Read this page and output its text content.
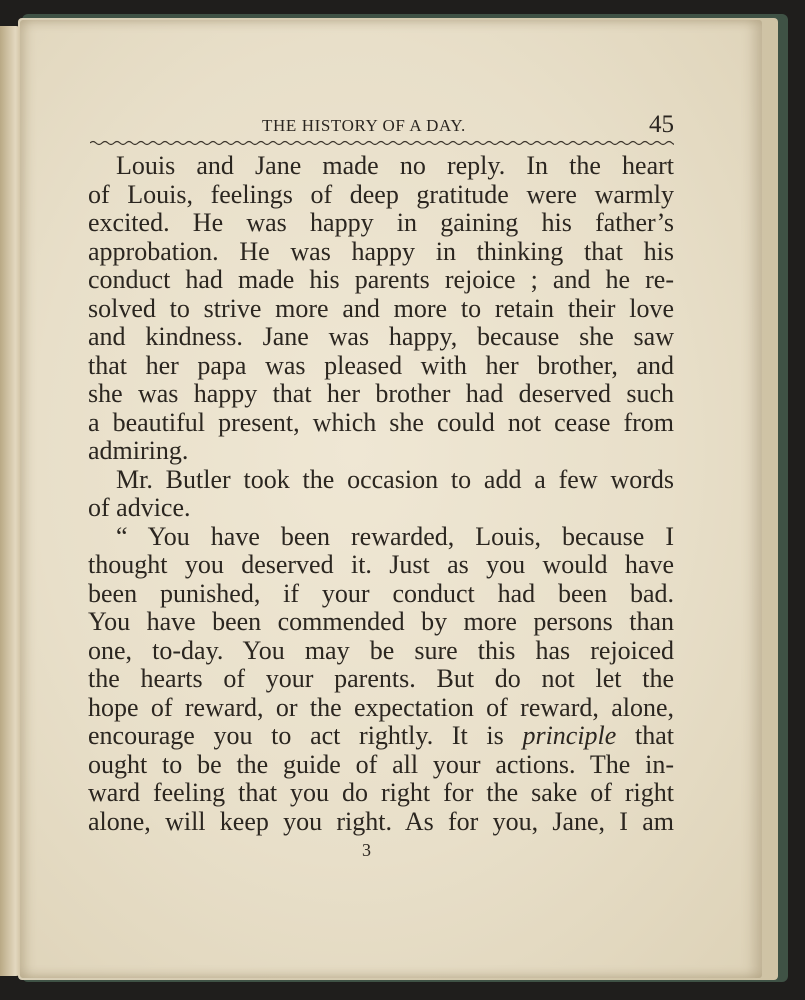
THE HISTORY OF A DAY.	45
Louis and Jane made no reply. In the heart
of Louis, feelings of deep gratitude were warmly
excited. He was happy in gaining his father’s
approbation. He was happy in thinking that his
conduct had made his parents rejoice ; and he re-
solved to strive more and more to retain their love
and kindness. Jane was happy, because she saw
that her papa was pleased with her brother, and
she was happy that her brother had deserved such
a beautiful present, which she could not cease from
admiring.
Mr. Butler took the occasion to add a few words
of advice.
“ You have been rewarded, Louis, because I
thought you deserved it. Just as you would have
been punished, if your conduct had been bad.
You have been commended by more persons than
one, to-day. You may be sure this has rejoiced
the hearts of your parents. But do not let the
hope of reward, or the expectation of reward, alone,
encourage you to act rightly. It is principle that
ought to be the guide of all your actions. The in-
ward feeling that you do right for the sake of right
alone, will keep you right. As for you, Jane, I am
3
